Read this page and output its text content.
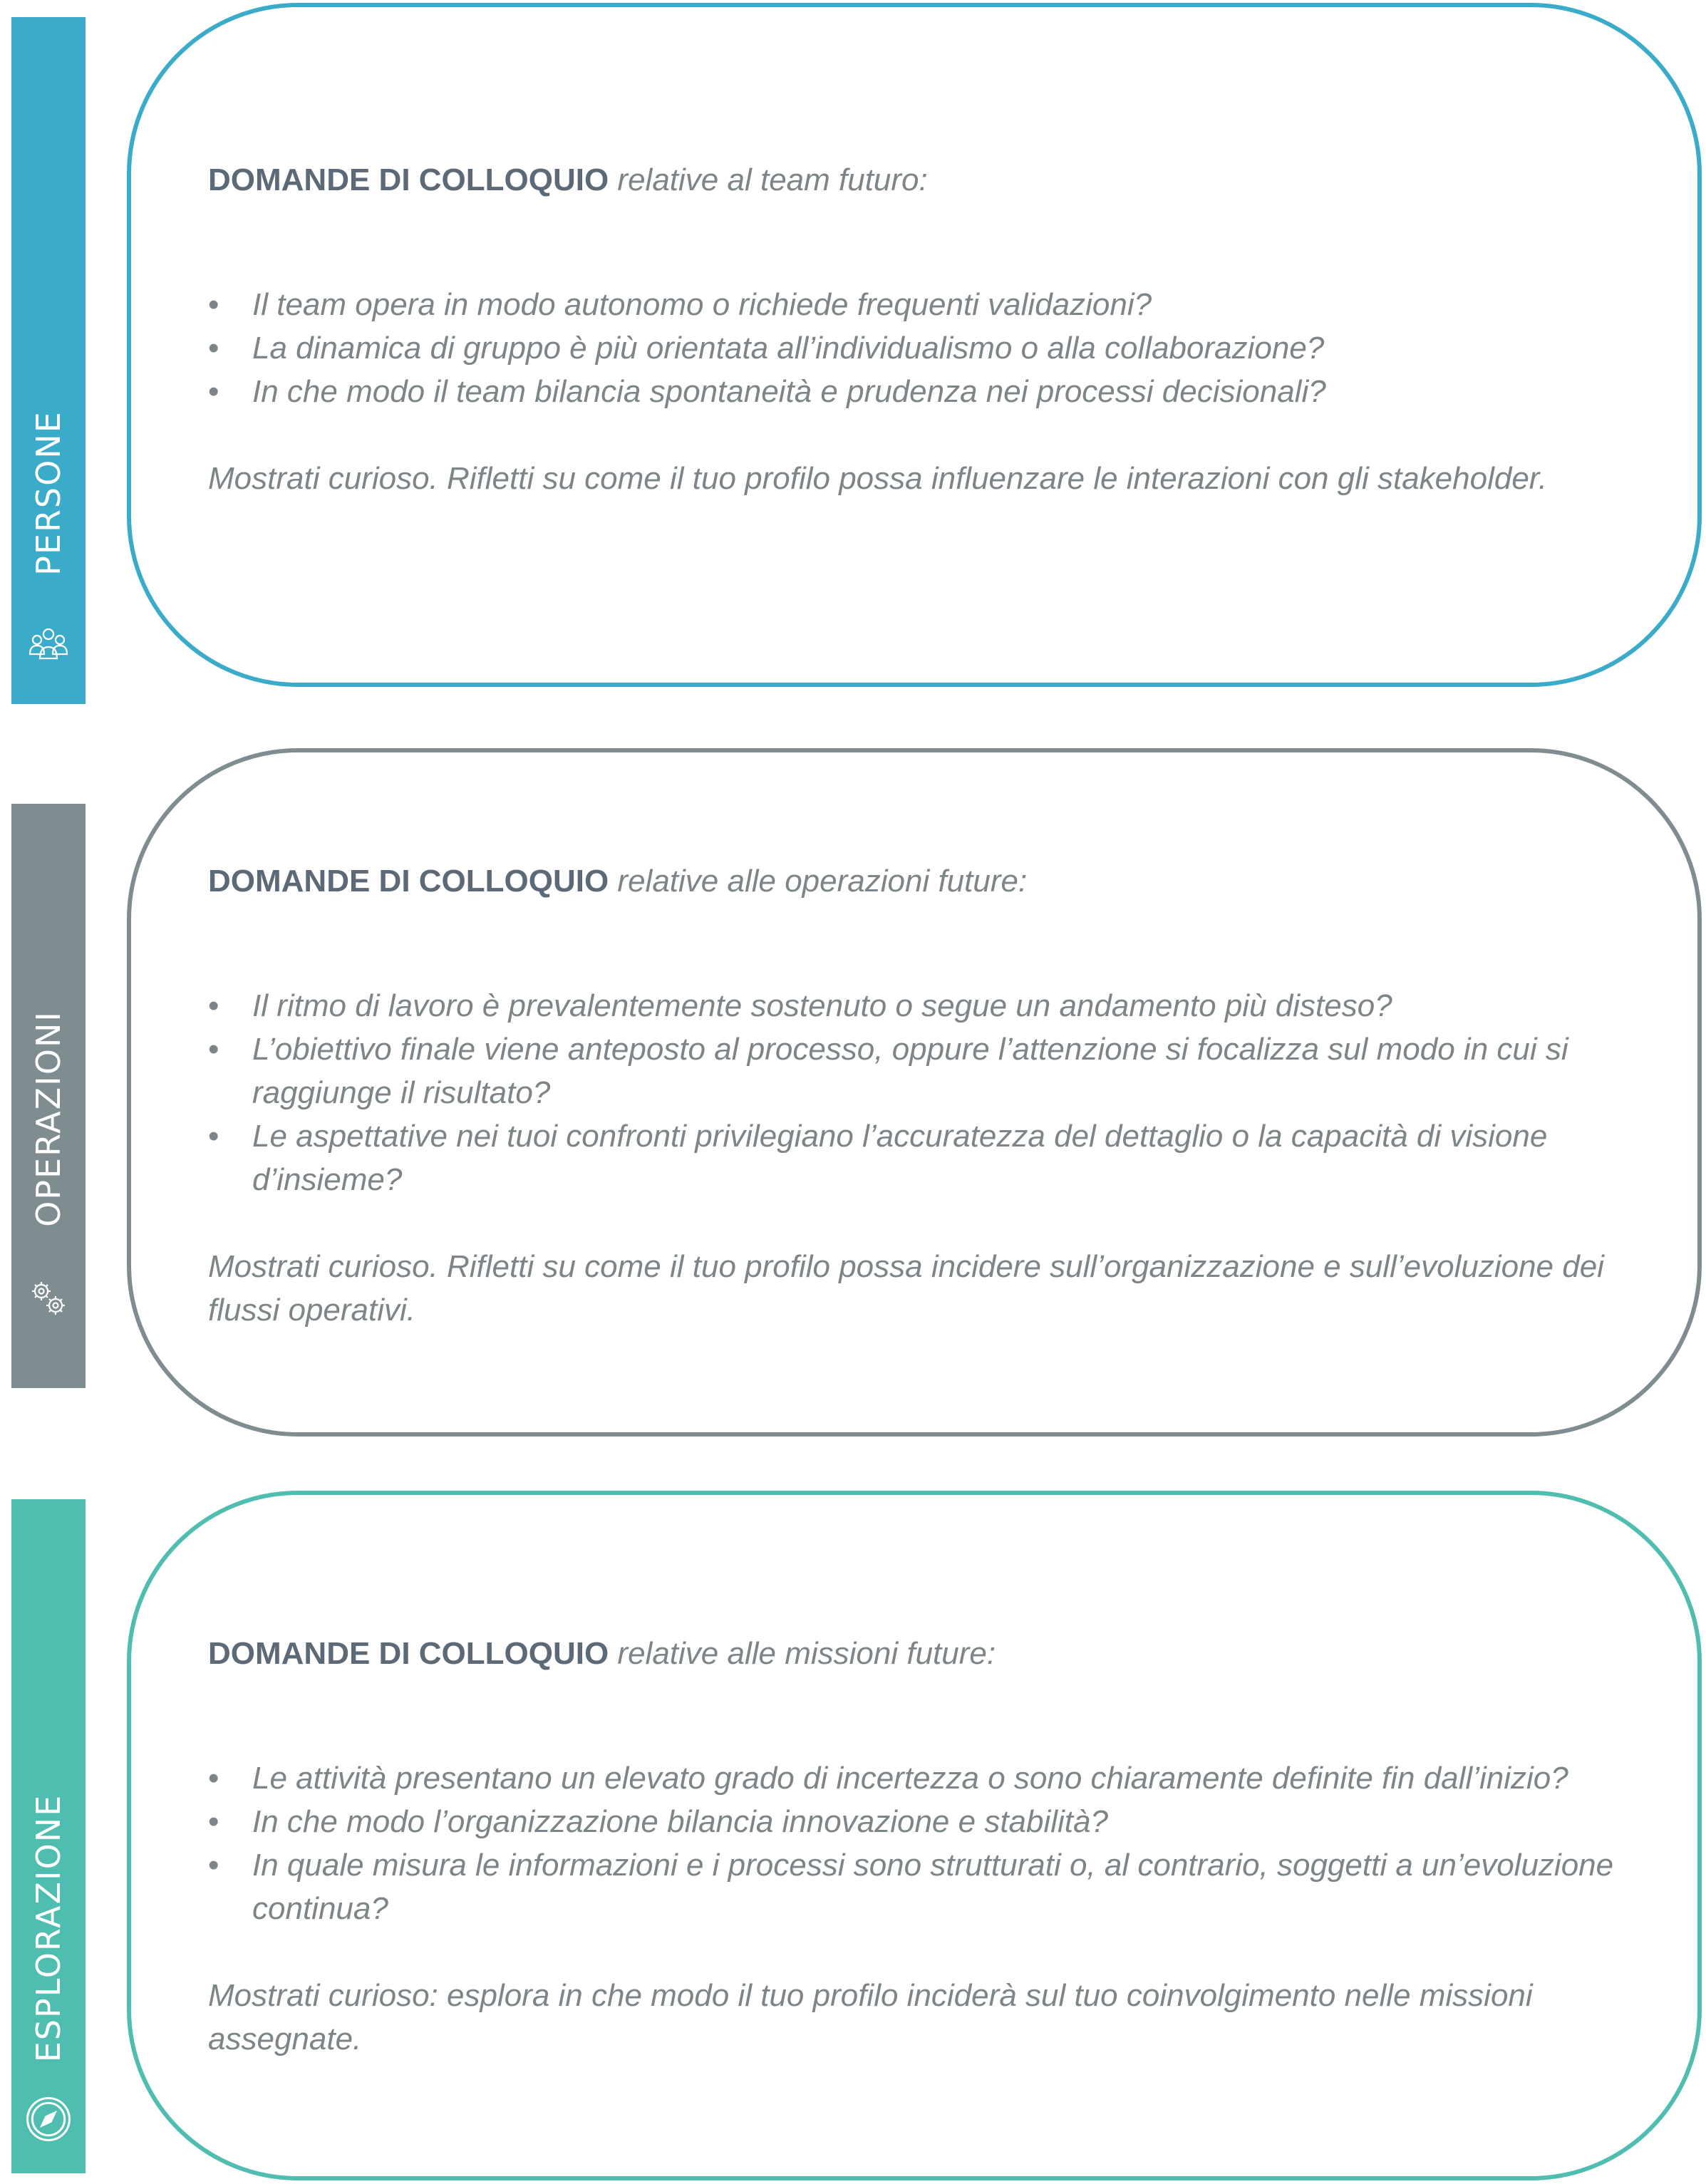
PERSONE

DOMANDE DI COLLOQUIO relative al team futuro:

• Il team opera in modo autonomo o richiede frequenti validazioni?
• La dinamica di gruppo è più orientata all’individualismo o alla collaborazione?
• In che modo il team bilancia spontaneità e prudenza nei processi decisionali?

Mostrati curioso. Rifletti su come il tuo profilo possa influenzare le interazioni con gli stakeholder.

OPERAZIONI

DOMANDE DI COLLOQUIO relative alle operazioni future:

• Il ritmo di lavoro è prevalentemente sostenuto o segue un andamento più disteso?
• L’obiettivo finale viene anteposto al processo, oppure l’attenzione si focalizza sul modo in cui si raggiunge il risultato?
• Le aspettative nei tuoi confronti privilegiano l’accuratezza del dettaglio o la capacità di visione d’insieme?

Mostrati curioso. Rifletti su come il tuo profilo possa incidere sull’organizzazione e sull’evoluzione dei flussi operativi.

ESPLORAZIONE

DOMANDE DI COLLOQUIO relative alle missioni future:

• Le attività presentano un elevato grado di incertezza o sono chiaramente definite fin dall’inizio?
• In che modo l’organizzazione bilancia innovazione e stabilità?
• In quale misura le informazioni e i processi sono strutturati o, al contrario, soggetti a un’evoluzione continua?

Mostrati curioso: esplora in che modo il tuo profilo inciderà sul tuo coinvolgimento nelle missioni assegnate.
